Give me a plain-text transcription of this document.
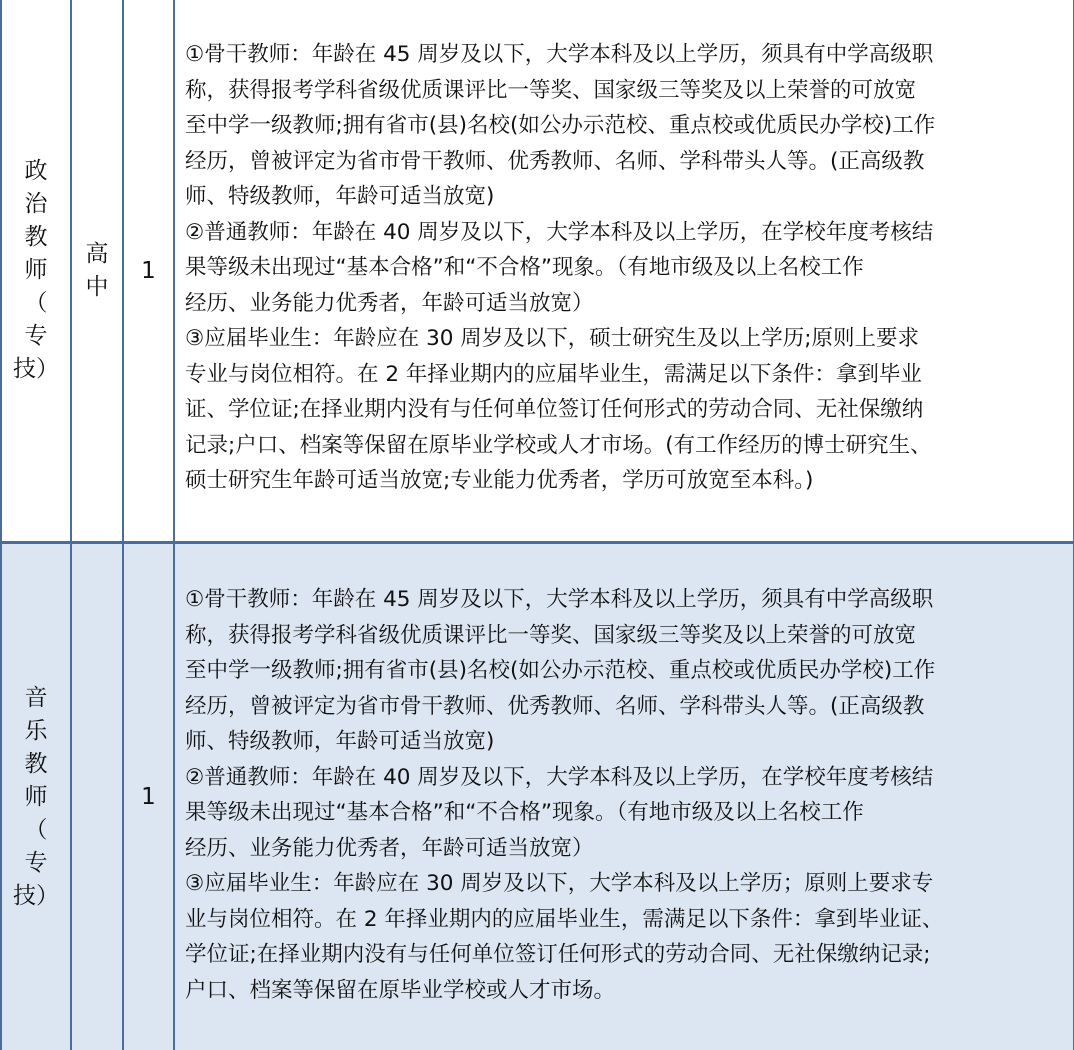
政
治
教
师
（
专
技）
高
中
1
①骨干教师：年龄在 45 周岁及以下，大学本科及以上学历，须具有中学高级职
称，获得报考学科省级优质课评比一等奖、国家级三等奖及以上荣誉的可放宽
至中学一级教师;拥有省市(县)名校(如公办示范校、重点校或优质民办学校)工作
经历，曾被评定为省市骨干教师、优秀教师、名师、学科带头人等。(正高级教
师、特级教师，年龄可适当放宽)
②普通教师：年龄在 40 周岁及以下，大学本科及以上学历，在学校年度考核结
果等级未出现过“基本合格”和“不合格”现象。（有地市级及以上名校工作
经历、业务能力优秀者，年龄可适当放宽）
③应届毕业生：年龄应在 30 周岁及以下，硕士研究生及以上学历;原则上要求
专业与岗位相符。在 2 年择业期内的应届毕业生，需满足以下条件：拿到毕业
证、学位证;在择业期内没有与任何单位签订任何形式的劳动合同、无社保缴纳
记录;户口、档案等保留在原毕业学校或人才市场。(有工作经历的博士研究生、
硕士研究生年龄可适当放宽;专业能力优秀者，学历可放宽至本科。)
音
乐
教
师
（
专
技）
1
①骨干教师：年龄在 45 周岁及以下，大学本科及以上学历，须具有中学高级职
称，获得报考学科省级优质课评比一等奖、国家级三等奖及以上荣誉的可放宽
至中学一级教师;拥有省市(县)名校(如公办示范校、重点校或优质民办学校)工作
经历，曾被评定为省市骨干教师、优秀教师、名师、学科带头人等。(正高级教
师、特级教师，年龄可适当放宽)
②普通教师：年龄在 40 周岁及以下，大学本科及以上学历，在学校年度考核结
果等级未出现过“基本合格”和“不合格”现象。（有地市级及以上名校工作
经历、业务能力优秀者，年龄可适当放宽）
③应届毕业生：年龄应在 30 周岁及以下，大学本科及以上学历；原则上要求专
业与岗位相符。在 2 年择业期内的应届毕业生，需满足以下条件：拿到毕业证、
学位证;在择业期内没有与任何单位签订任何形式的劳动合同、无社保缴纳记录;
户口、档案等保留在原毕业学校或人才市场。
